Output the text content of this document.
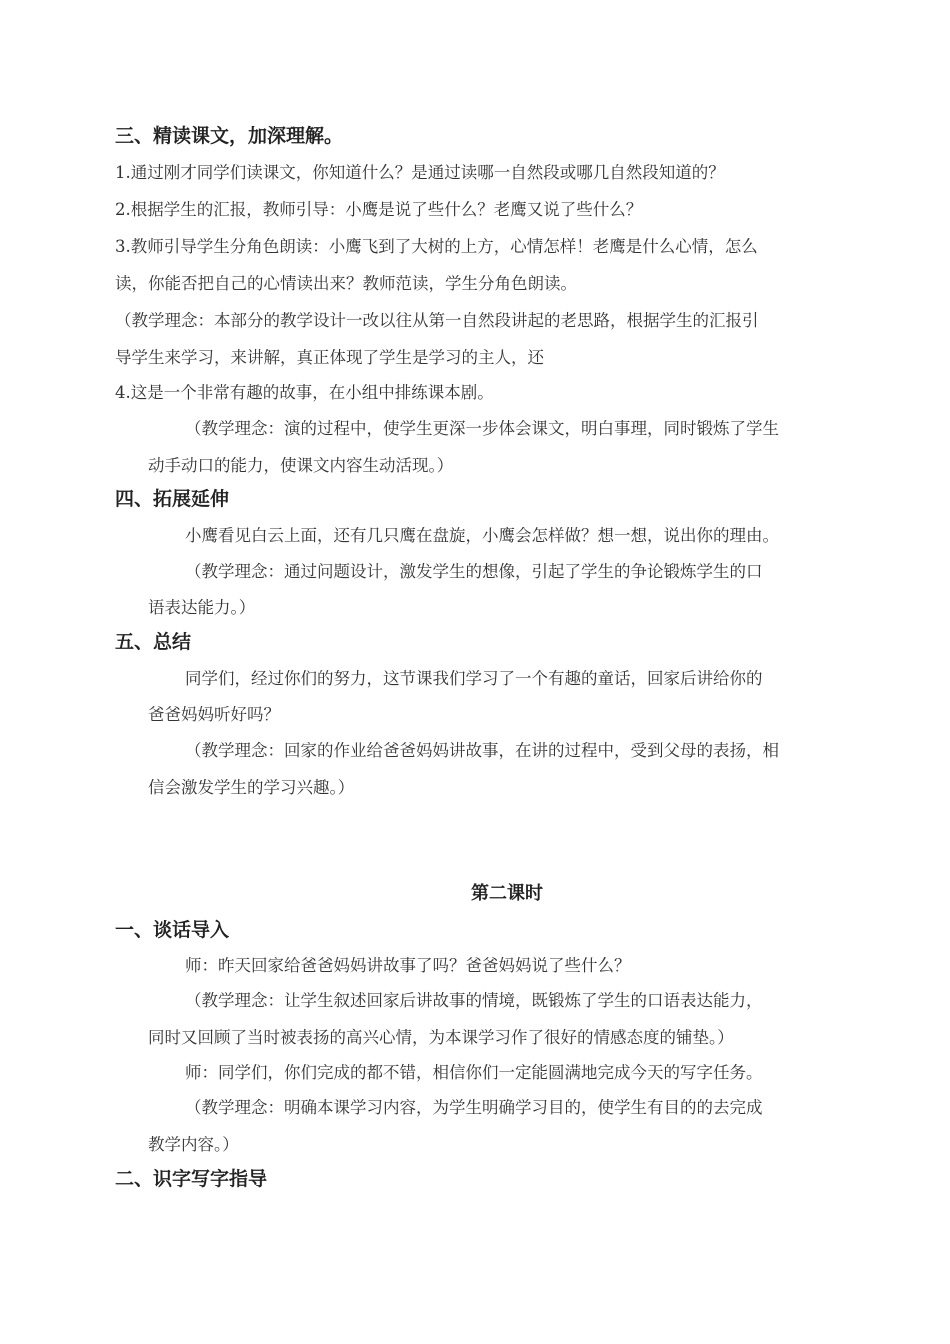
三、精读课文，加深理解。
1.通过刚才同学们读课文，你知道什么？是通过读哪一自然段或哪几自然段知道的？
2.根据学生的汇报，教师引导：小鹰是说了些什么？老鹰又说了些什么？
3.教师引导学生分角色朗读：小鹰飞到了大树的上方，心情怎样！老鹰是什么心情，怎么
读，你能否把自己的心情读出来？教师范读，学生分角色朗读。
（教学理念：本部分的教学设计一改以往从第一自然段讲起的老思路，根据学生的汇报引
导学生来学习，来讲解，真正体现了学生是学习的主人，还
4.这是一个非常有趣的故事，在小组中排练课本剧。
（教学理念：演的过程中，使学生更深一步体会课文，明白事理，同时锻炼了学生
动手动口的能力，使课文内容生动活现。）
四、拓展延伸
小鹰看见白云上面，还有几只鹰在盘旋，小鹰会怎样做？想一想，说出你的理由。
（教学理念：通过问题设计，激发学生的想像，引起了学生的争论锻炼学生的口
语表达能力。）
五、总结
同学们，经过你们的努力，这节课我们学习了一个有趣的童话，回家后讲给你的
爸爸妈妈听好吗？
（教学理念：回家的作业给爸爸妈妈讲故事，在讲的过程中，受到父母的表扬，相
信会激发学生的学习兴趣。）
第二课时
一、谈话导入
师：昨天回家给爸爸妈妈讲故事了吗？爸爸妈妈说了些什么？
（教学理念：让学生叙述回家后讲故事的情境，既锻炼了学生的口语表达能力，
同时又回顾了当时被表扬的高兴心情，为本课学习作了很好的情感态度的铺垫。）
师：同学们，你们完成的都不错，相信你们一定能圆满地完成今天的写字任务。
（教学理念：明确本课学习内容，为学生明确学习目的，使学生有目的的去完成
教学内容。）
二、识字写字指导
